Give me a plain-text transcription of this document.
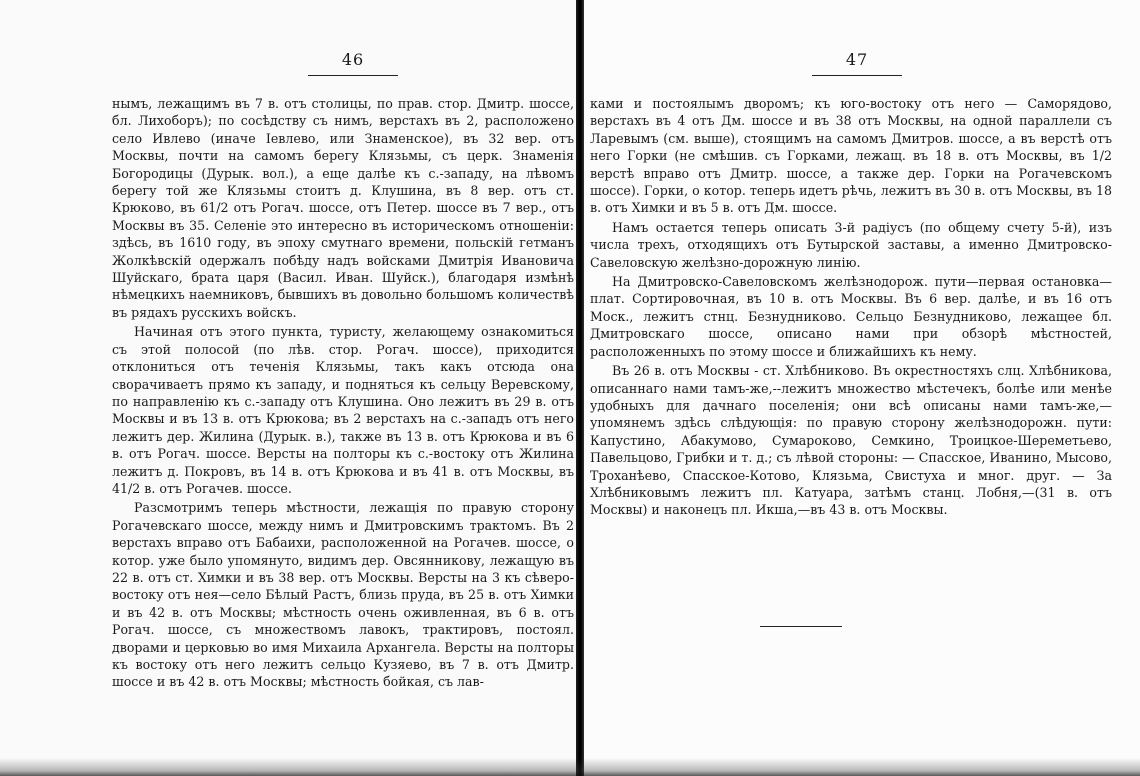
46

нымъ, лежащимъ въ 7 в. отъ столицы, по прав. стор. Дмитр. шоссе, бл. Лихоборъ); по сосѣдству съ нимъ, верстахъ въ 2, расположено село Ивлево (иначе Іевлево, или Знаменское), въ 32 вер. отъ Москвы, почти на самомъ берегу Клязьмы, съ церк. Знаменія Богородицы (Дурык. вол.), а еще далѣе къ с.-западу, на лѣвомъ берегу той же Клязьмы стоитъ д. Клушина, въ 8 вер. отъ ст. Крюково, въ 61/2 отъ Рогач. шоссе, отъ Петер. шоссе въ 7 вер., отъ Москвы въ 35. Селеніе это интересно въ историческомъ отношеніи: здѣсь, въ 1610 году, въ эпоху смутнаго времени, польскій гетманъ Жолкѣвскій одержалъ побѣду надъ войсками Дмитрія Ивановича Шуйскаго, брата царя (Васил. Иван. Шуйск.), благодаря измѣнѣ нѣмецкихъ наемниковъ, бывшихъ въ довольно большомъ количествѣ въ рядахъ русскихъ войскъ.

Начиная отъ этого пункта, туристу, желающему ознакомиться съ этой полосой (по лѣв. стор. Рогач. шоссе), приходится отклониться отъ теченія Клязьмы, такъ какъ отсюда она сворачиваетъ прямо къ западу, и подняться къ сельцу Веревскому, по направленію къ с.-западу отъ Клушина. Оно лежитъ въ 29 в. отъ Москвы и въ 13 в. отъ Крюкова; въ 2 верстахъ на с.-западъ отъ него лежитъ дер. Жилина (Дурык. в.), также въ 13 в. отъ Крюкова и въ 6 в. отъ Рогач. шоссе. Версты на полторы къ с.-востоку отъ Жилина лежитъ д. Покровъ, въ 14 в. отъ Крюкова и въ 41 в. отъ Москвы, въ 41/2 в. отъ Рогачев. шоссе.

Разсмотримъ теперь мѣстности, лежащія по правую сторону Рогачевскаго шоссе, между нимъ и Дмитровскимъ трактомъ. Въ 2 верстахъ вправо отъ Бабаихи, расположенной на Рогачев. шоссе, о котор. уже было упомянуто, видимъ дер. Овсянникову, лежащую въ 22 в. отъ ст. Химки и въ 38 вер. отъ Москвы. Версты на 3 къ сѣверо-востоку отъ нея—село Бѣлый Растъ, близь пруда, въ 25 в. отъ Химки и въ 42 в. отъ Москвы; мѣстность очень оживленная, въ 6 в. отъ Рогач. шоссе, съ множествомъ лавокъ, трактировъ, постоял. дворами и церковью во имя Михаила Архангела. Версты на полторы къ востоку отъ него лежитъ сельцо Кузяево, въ 7 в. отъ Дмитр. шоссе и въ 42 в. отъ Москвы; мѣстность бойкая, съ лав-

47

ками и постоялымъ дворомъ; къ юго-востоку отъ него — Саморядово, верстахъ въ 4 отъ Дм. шоссе и въ 38 отъ Москвы, на одной параллели съ Ларевымъ (см. выше), стоящимъ на самомъ Дмитров. шоссе, а въ верстѣ отъ него Горки (не смѣшив. съ Горками, лежащ. въ 18 в. отъ Москвы, въ 1/2 верстѣ вправо отъ Дмитр. шоссе, а также дер. Горки на Рогачевскомъ шоссе). Горки, о котор. теперь идетъ рѣчь, лежитъ въ 30 в. отъ Москвы, въ 18 в. отъ Химки и въ 5 в. отъ Дм. шоссе.

Намъ остается теперь описать 3-й радіусъ (по общему счету 5-й), изъ числа трехъ, отходящихъ отъ Бутырской заставы, а именно Дмитровско-Савеловскую желѣзно-дорожную линію.

На Дмитровско-Савеловскомъ желѣзнодорож. пути—первая остановка—плат. Сортировочная, въ 10 в. отъ Москвы. Въ 6 вер. далѣе, и въ 16 отъ Моск., лежитъ стнц. Безнудниково. Сельцо Безнудниково, лежащее бл. Дмитровскаго шоссе, описано нами при обзорѣ мѣстностей, расположенныхъ по этому шоссе и ближайшихъ къ нему.

Въ 26 в. отъ Москвы - ст. Хлѣбниково. Въ окрестностяхъ слц. Хлѣбникова, описаннаго нами тамъ-же,--лежитъ множество мѣстечекъ, болѣе или менѣе удобныхъ для дачнаго поселенія; они всѣ описаны нами тамъ-же,—упомянемъ здѣсь слѣдующія: по правую сторону желѣзнодорожн. пути: Капустино, Абакумово, Сумароково, Семкино, Троицкое-Шереметьево, Павельцово, Грибки и т. д.; съ лѣвой стороны: — Спасское, Иванино, Мысово, Троханѣево, Спасское-Котово, Клязьма, Свистуха и мног. друг. — За Хлѣбниковымъ лежитъ пл. Катуара, затѣмъ станц. Лобня,—(31 в. отъ Москвы) и наконецъ пл. Икша,—въ 43 в. отъ Москвы.
